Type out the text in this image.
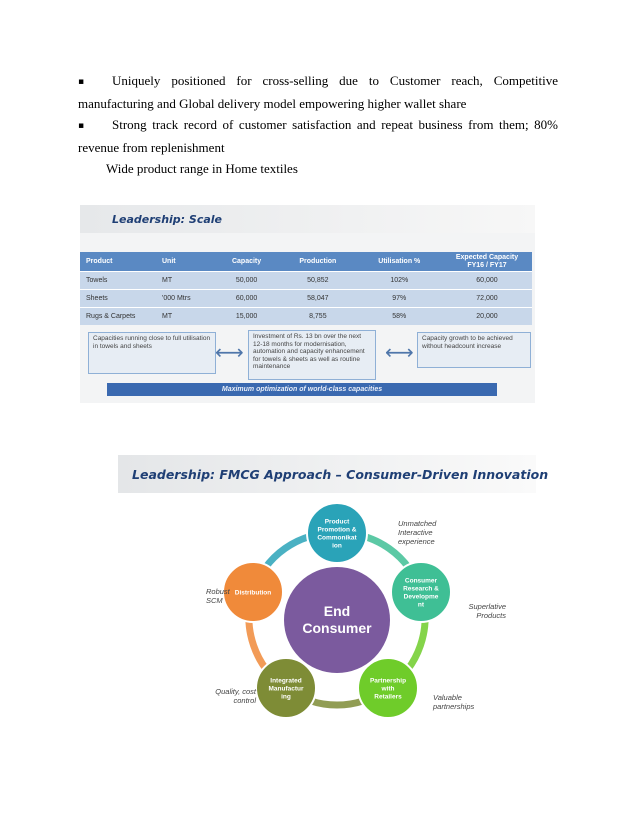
▪ Uniquely positioned for cross-selling due to Customer reach, Competitive manufacturing and Global delivery model empowering higher wallet share
▪ Strong track record of customer satisfaction and repeat business from them; 80% revenue from replenishment
Wide product range in Home textiles
Leadership: Scale
Product	Unit	Capacity	Production	Utilisation %	Expected Capacity FY16 / FY17
Towels	MT	50,000	50,852	102%	60,000
Sheets	'000 Mtrs	60,000	58,047	97%	72,000
Rugs & Carpets	MT	15,000	8,755	58%	20,000
Capacities running close to full utilisation in towels and sheets	⟷
Investment of Rs. 13 bn over the next 12-18 months for modernisation, automation and capacity enhancement for towels & sheets as well as routine maintenance
⟷
Capacity growth to be achieved without headcount increase
Maximum optimization of world-class capacities
Leadership: FMCG Approach – Consumer-Driven Innovation
End
Consumer
Product
Promotion &
Commonikat
ion
Consumer
Research &
Developme
nt
Partnership
with
Retailers
Integrated
Manufactur
ing
Distribution
Unmatched Interactive experience
Superlative Products
Valuable partnerships
Quality, cost control
Robust SCM
